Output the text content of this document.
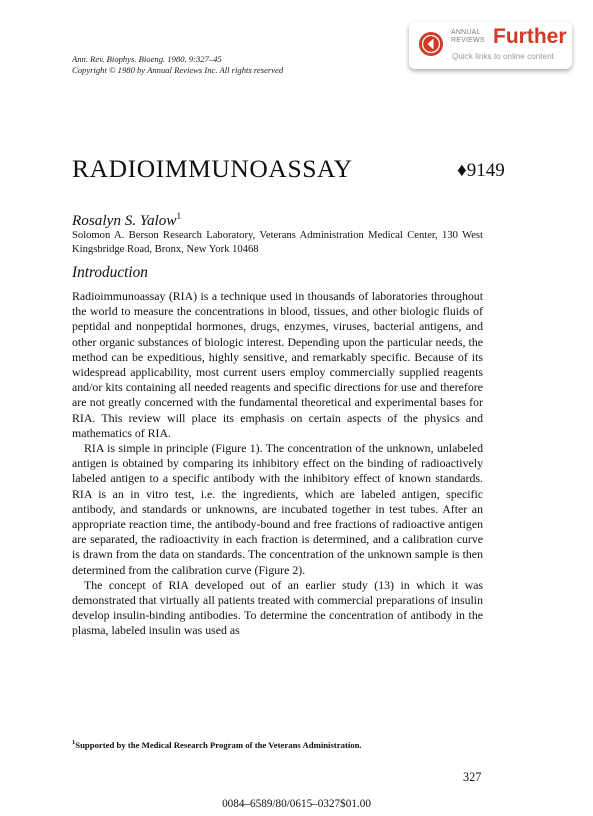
Ann. Rev. Biophys. Bioeng. 1980. 9:327–45
Copyright © 1980 by Annual Reviews Inc. All rights reserved
ANNUAL
REVIEWS Further
Quick links to online content
RADIOIMMUNOASSAY	♦9149
Rosalyn S. Yalow$^1$
Solomon A. Berson Research Laboratory, Veterans Administration Medical Center, 130 West Kingsbridge Road, Bronx, New York 10468
Introduction

Radioimmunoassay (RIA) is a technique used in thousands of laboratories throughout the world to measure the concentrations in blood, tissues, and other biologic fluids of peptidal and nonpeptidal hormones, drugs, enzymes, viruses, bacterial antigens, and other organic substances of biologic interest. Depending upon the particular needs, the method can be expeditious, highly sensitive, and remarkably specific. Because of its widespread applicability, most current users employ commercially supplied reagents and/or kits containing all needed reagents and specific directions for use and therefore are not greatly concerned with the fundamental theoretical and experimental bases for RIA. This review will place its emphasis on certain aspects of the physics and mathematics of RIA.

RIA is simple in principle (Figure 1). The concentration of the unknown, unlabeled antigen is obtained by comparing its inhibitory effect on the binding of radioactively labeled antigen to a specific antibody with the inhibitory effect of known standards. RIA is an in vitro test, i.e. the ingredients, which are labeled antigen, specific antibody, and standards or unknowns, are incubated together in test tubes. After an appropriate reaction time, the antibody-bound and free fractions of radioactive antigen are separated, the radioactivity in each fraction is determined, and a calibration curve is drawn from the data on standards. The concentration of the unknown sample is then determined from the calibration curve (Figure 2).

The concept of RIA developed out of an earlier study (13) in which it was demonstrated that virtually all patients treated with commercial preparations of insulin develop insulin-binding antibodies. To determine the concentration of antibody in the plasma, labeled insulin was used as

$^1$Supported by the Medical Research Program of the Veterans Administration.
327
0084–6589/80/0615–0327$01.00
